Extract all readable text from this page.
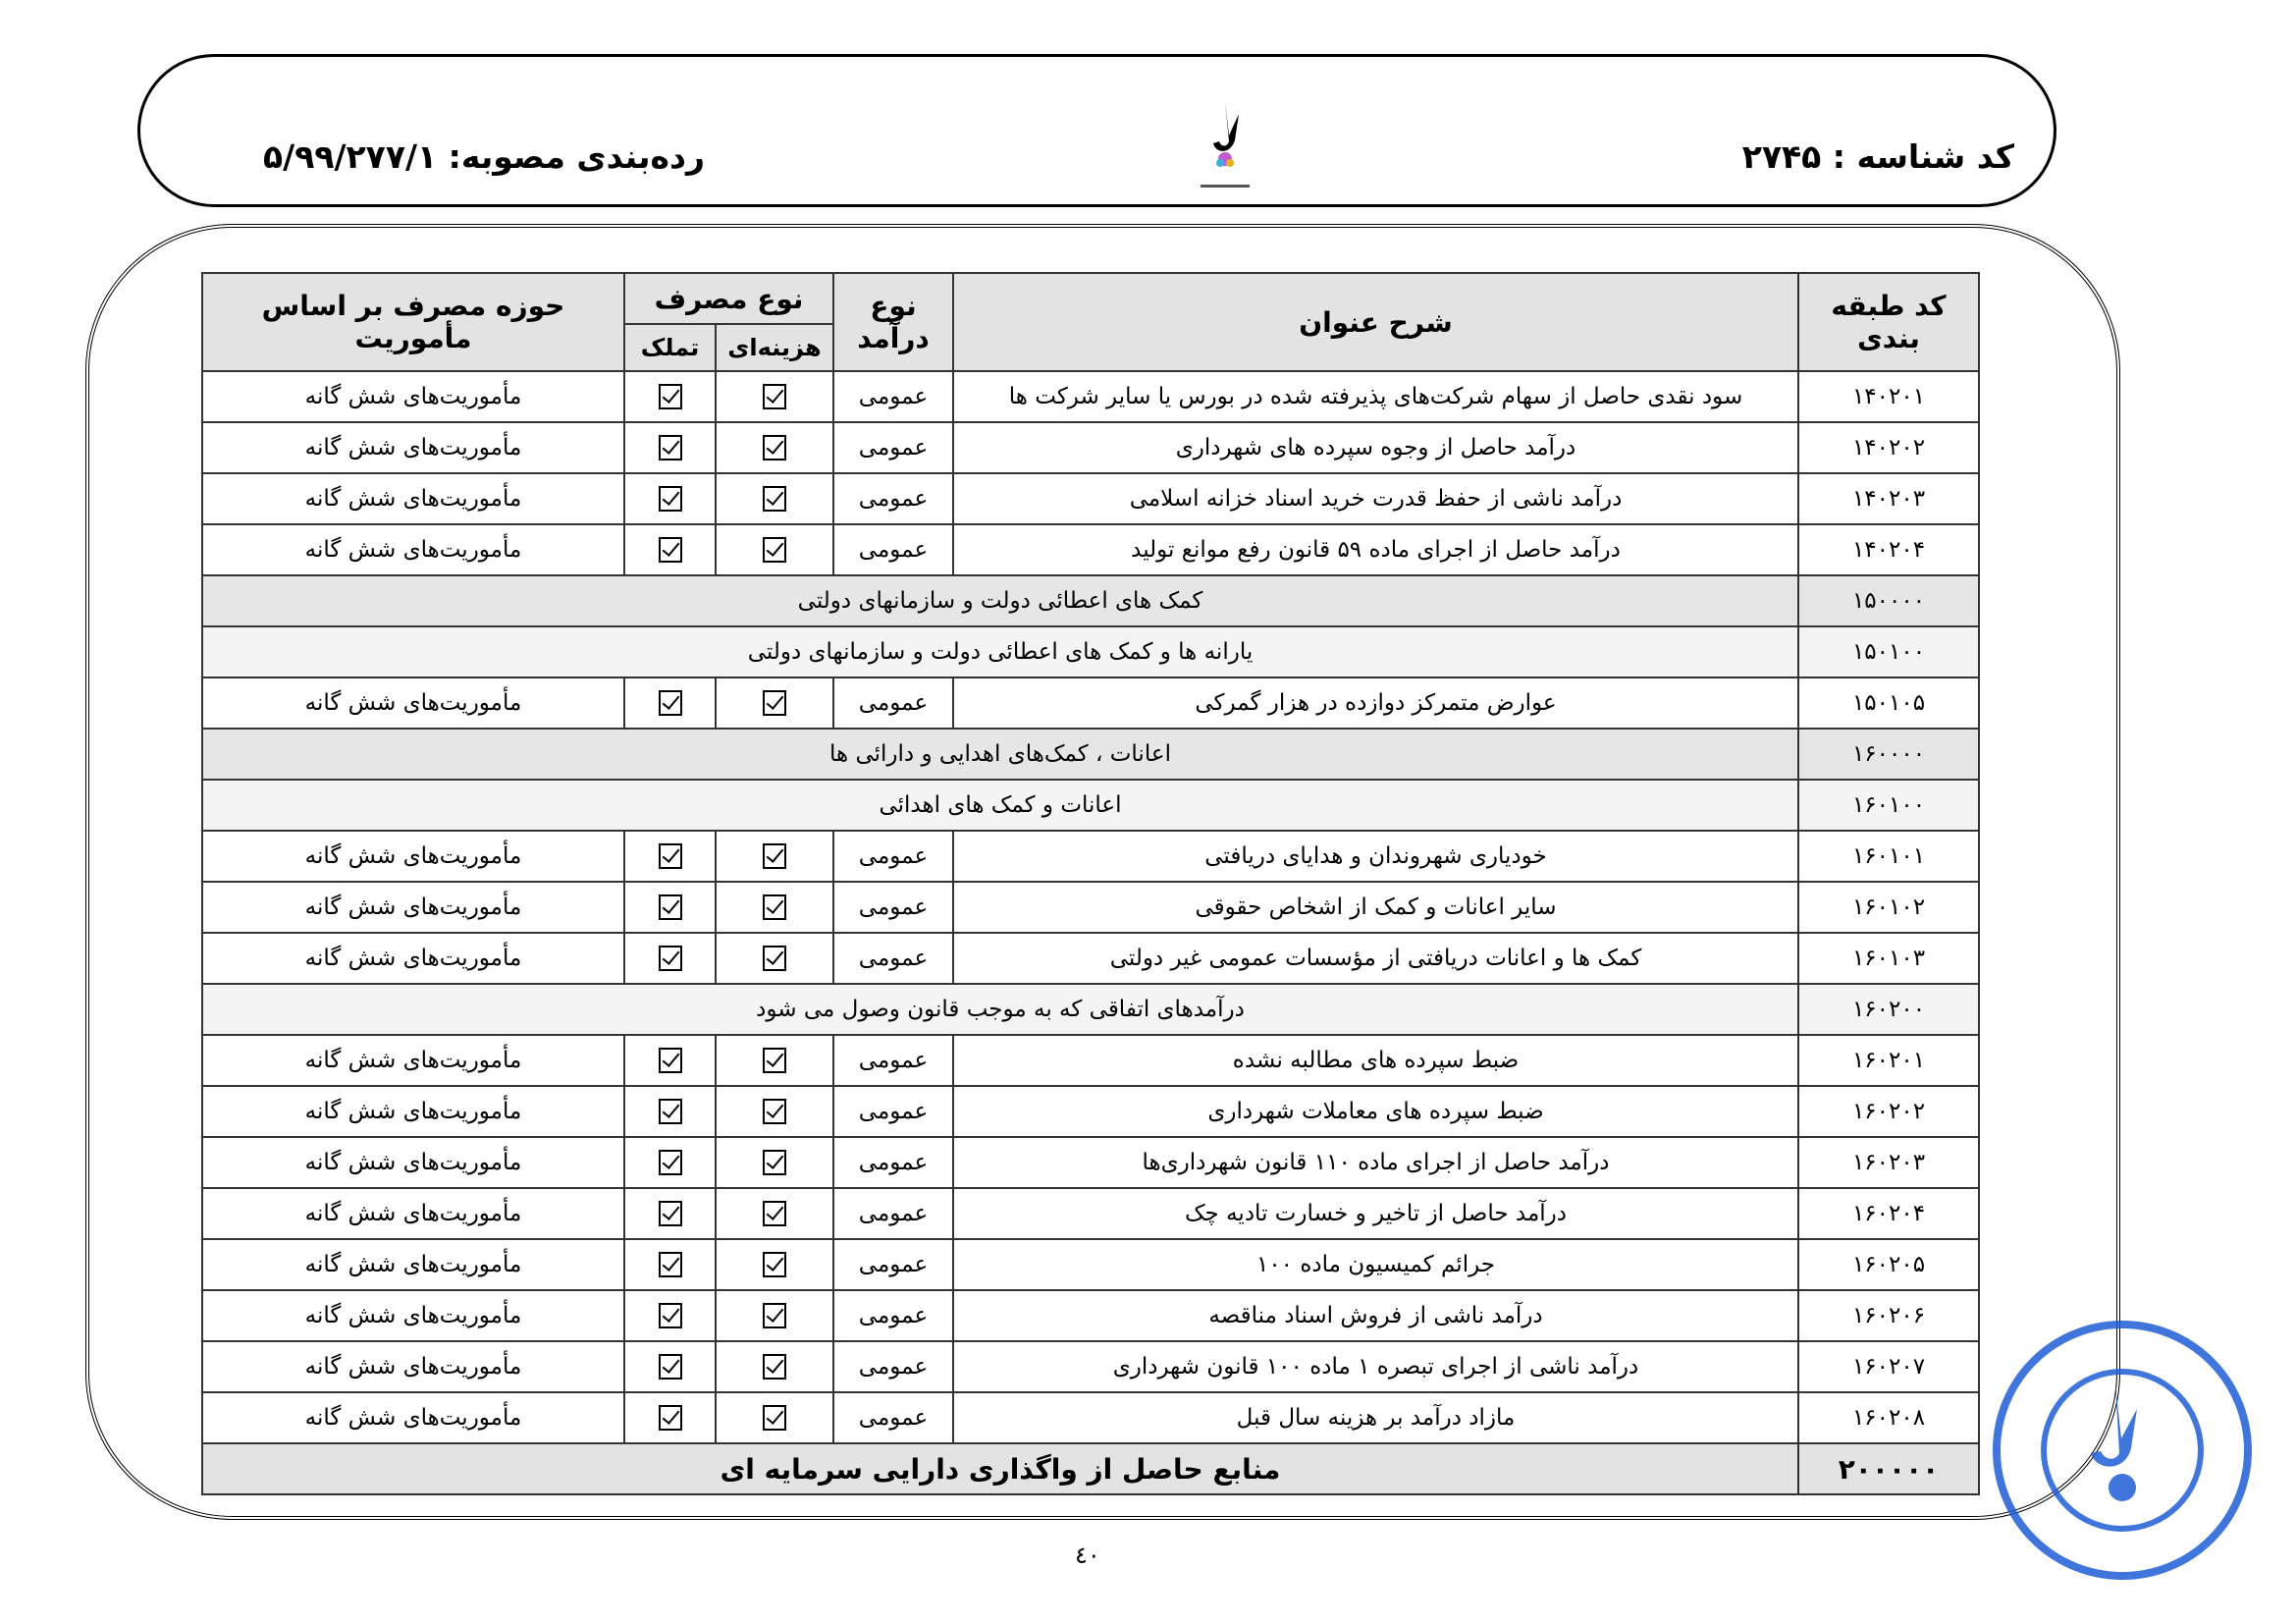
کد شناسه : ۲۷۴۵
رده‌بندی مصوبه: ۵/۹۹/۲۷۷/۱
کد طبقه بندی	شرح عنوان	نوع درآمد	نوع مصرف		حوزه مصرف بر اساس مأموریت
			هزینه‌ای	تملک	
۱۴۰۲۰۱	سود نقدی حاصل از سهام شرکت‌های پذیرفته شده در بورس یا سایر شرکت ها	عمومی			مأموریت‌های شش گانه
۱۴۰۲۰۲	درآمد حاصل از وجوه سپرده های شهرداری	عمومی			مأموریت‌های شش گانه
۱۴۰۲۰۳	درآمد ناشی از حفظ قدرت خرید اسناد خزانه اسلامی	عمومی			مأموریت‌های شش گانه
۱۴۰۲۰۴	درآمد حاصل از اجرای ماده ۵۹ قانون رفع موانع تولید	عمومی			مأموریت‌های شش گانه
۱۵۰۰۰۰	کمک های اعطائی دولت و سازمانهای دولتی				
۱۵۰۱۰۰	یارانه ها و کمک های اعطائی دولت و سازمانهای دولتی				
۱۵۰۱۰۵	عوارض متمرکز دوازده در هزار گمرکی	عمومی			مأموریت‌های شش گانه
۱۶۰۰۰۰	اعانات ، کمک‌های اهدایی و دارائی ها				
۱۶۰۱۰۰	اعانات و کمک های اهدائی				
۱۶۰۱۰۱	خودیاری شهروندان و هدایای دریافتی	عمومی			مأموریت‌های شش گانه
۱۶۰۱۰۲	سایر اعانات و کمک از اشخاص حقوقی	عمومی			مأموریت‌های شش گانه
۱۶۰۱۰۳	کمک ها و اعانات دریافتی از مؤسسات عمومی غیر دولتی	عمومی			مأموریت‌های شش گانه
۱۶۰۲۰۰	درآمدهای اتفاقی که به موجب قانون وصول می شود				
۱۶۰۲۰۱	ضبط سپرده های مطالبه نشده	عمومی			مأموریت‌های شش گانه
۱۶۰۲۰۲	ضبط سپرده های معاملات شهرداری	عمومی			مأموریت‌های شش گانه
۱۶۰۲۰۳	درآمد حاصل از اجرای ماده ۱۱۰ قانون شهرداری‌ها	عمومی			مأموریت‌های شش گانه
۱۶۰۲۰۴	درآمد حاصل از تاخیر و خسارت تادیه چک	عمومی			مأموریت‌های شش گانه
۱۶۰۲۰۵	جرائم کمیسیون ماده ۱۰۰	عمومی			مأموریت‌های شش گانه
۱۶۰۲۰۶	درآمد ناشی از فروش اسناد مناقصه	عمومی			مأموریت‌های شش گانه
۱۶۰۲۰۷	درآمد ناشی از اجرای تبصره ۱ ماده ۱۰۰ قانون شهرداری	عمومی			مأموریت‌های شش گانه
۱۶۰۲۰۸	مازاد درآمد بر هزینه سال قبل	عمومی			مأموریت‌های شش گانه
۲۰۰۰۰۰	منابع حاصل از واگذاری دارایی سرمایه ای				
٤٠
